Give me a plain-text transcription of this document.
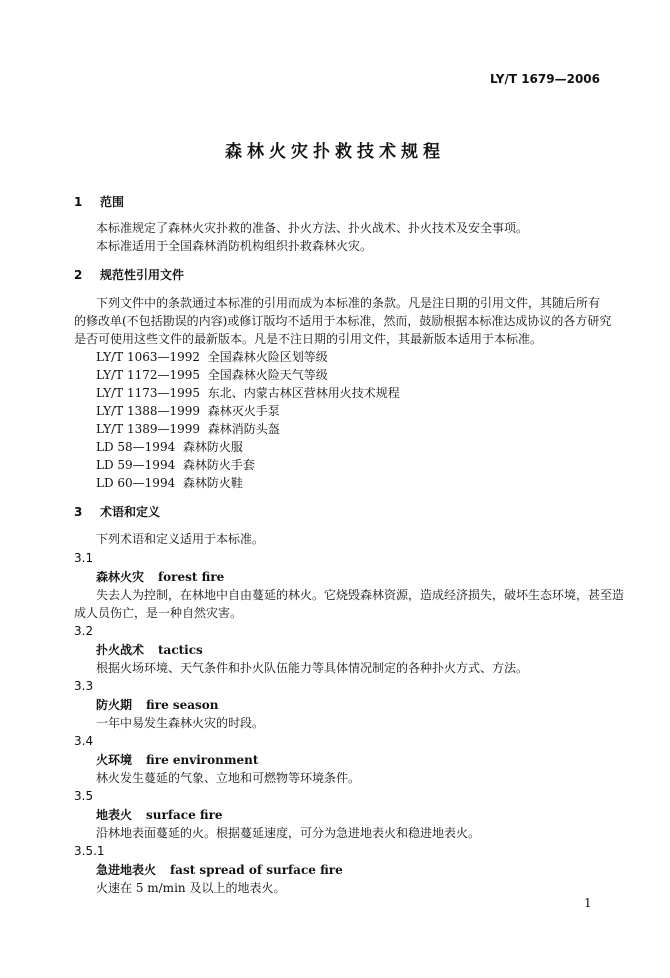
LY/T 1679—2006
森林火灾扑救技术规程
1 范围
本标准规定了森林火灾扑救的准备、扑火方法、扑火战术、扑火技术及安全事项。
本标准适用于全国森林消防机构组织扑救森林火灾。
2 规范性引用文件
下列文件中的条款通过本标准的引用而成为本标准的条款。凡是注日期的引用文件，其随后所有
的修改单(不包括勘误的内容)或修订版均不适用于本标准，然而，鼓励根据本标准达成协议的各方研究
是否可使用这些文件的最新版本。凡是不注日期的引用文件，其最新版本适用于本标准。
LY/T 1063—1992 全国森林火险区划等级
LY/T 1172—1995 全国森林火险天气等级
LY/T 1173—1995 东北、内蒙古林区营林用火技术规程
LY/T 1388—1999 森林灭火手泵
LY/T 1389—1999 森林消防头盔
LD 58—1994 森林防火服
LD 59—1994 森林防火手套
LD 60—1994 森林防火鞋
3 术语和定义
下列术语和定义适用于本标准。
3.1
森林火灾 forest fire
失去人为控制，在林地中自由蔓延的林火。它烧毁森林资源，造成经济损失，破坏生态环境，甚至造
成人员伤亡，是一种自然灾害。
3.2
扑火战术 tactics
根据火场环境、天气条件和扑火队伍能力等具体情况制定的各种扑火方式、方法。
3.3
防火期 fire season
一年中易发生森林火灾的时段。
3.4
火环境 fire environment
林火发生蔓延的气象、立地和可燃物等环境条件。
3.5
地表火 surface fire
沿林地表面蔓延的火。根据蔓延速度，可分为急进地表火和稳进地表火。
3.5.1
急进地表火 fast spread of surface fire
火速在 5 m/min 及以上的地表火。
1
